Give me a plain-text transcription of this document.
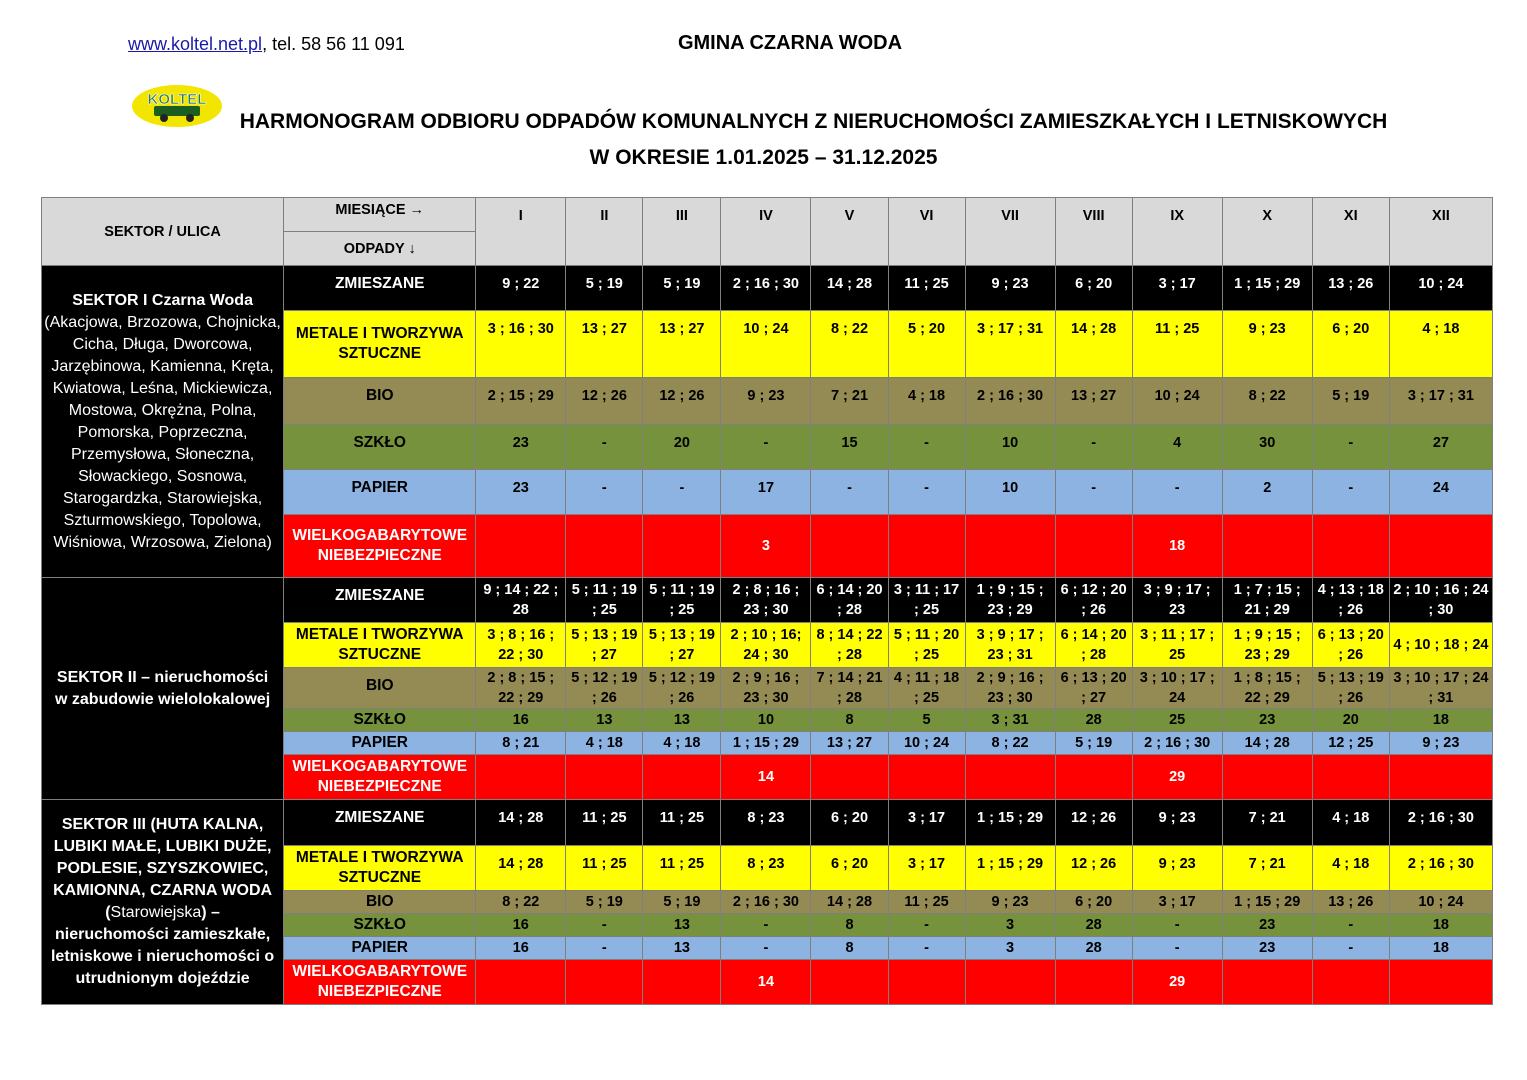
www.koltel.net.pl, tel. 58 56 11 091	GMINA CZARNA WODA
KOLTEL
HARMONOGRAM ODBIORU ODPADÓW KOMUNALNYCH Z NIERUCHOMOŚCI ZAMIESZKAŁYCH I LETNISKOWYCH
W OKRESIE 1.01.2025 – 31.12.2025
SEKTOR / ULICA	MIESIĄCE →	I	II	III	IV	V	VI	VII	VIII	IX	X	XI	XII
	ODPADY ↓												

SEKTOR I Czarna Woda
(Akacjowa, Brzozowa, Chojnicka, Cicha, Długa, Dworcowa, Jarzębinowa, Kamienna, Kręta, Kwiatowa, Leśna, Mickiewicza, Mostowa, Okrężna, Polna, Pomorska, Poprzeczna, Przemysłowa, Słoneczna, Słowackiego, Sosnowa, Starogardzka, Starowiejska, Szturmowskiego, Topolowa, Wiśniowa, Wrzosowa, Zielona)	ZMIESZANE	9 ; 22	5 ; 19	5 ; 19	2 ; 16 ; 30	14 ; 28	11 ; 25	9 ; 23	6 ; 20	3 ; 17	1 ; 15 ; 29	13 ; 26	10 ; 24
	METALE I TWORZYWA SZTUCZNE	3 ; 16 ; 30	13 ; 27	13 ; 27	10 ; 24	8 ; 22	5 ; 20	3 ; 17 ; 31	14 ; 28	11 ; 25	9 ; 23	6 ; 20	4 ; 18
	BIO	2 ; 15 ; 29	12 ; 26	12 ; 26	9 ; 23	7 ; 21	4 ; 18	2 ; 16 ; 30	13 ; 27	10 ; 24	8 ; 22	5 ; 19	3 ; 17 ; 31
	SZKŁO	23	-	20	-	15	-	10	-	4	30	-	27
	PAPIER	23	-	-	17	-	-	10	-	-	2	-	24
	WIELKOGABARYTOWE NIEBEZPIECZNE				3					18			

SEKTOR II – nieruchomości w zabudowie wielolokalowej	ZMIESZANE	9 ; 14 ; 22 ; 28	5 ; 11 ; 19 ; 25	5 ; 11 ; 19 ; 25	2 ; 8 ; 16 ; 23 ; 30	6 ; 14 ; 20 ; 28	3 ; 11 ; 17 ; 25	1 ; 9 ; 15 ; 23 ; 29	6 ; 12 ; 20 ; 26	3 ; 9 ; 17 ; 23	1 ; 7 ; 15 ; 21 ; 29	4 ; 13 ; 18 ; 26	2 ; 10 ; 16 ; 24 ; 30
	METALE I TWORZYWA SZTUCZNE	3 ; 8 ; 16 ; 22 ; 30	5 ; 13 ; 19 ; 27	5 ; 13 ; 19 ; 27	2 ; 10 ; 16; 24 ; 30	8 ; 14 ; 22 ; 28	5 ; 11 ; 20 ; 25	3 ; 9 ; 17 ; 23 ; 31	6 ; 14 ; 20 ; 28	3 ; 11 ; 17 ; 25	1 ; 9 ; 15 ; 23 ; 29	6 ; 13 ; 20 ; 26	4 ; 10 ; 18 ; 24
	BIO	2 ; 8 ; 15 ; 22 ; 29	5 ; 12 ; 19 ; 26	5 ; 12 ; 19 ; 26	2 ; 9 ; 16 ; 23 ; 30	7 ; 14 ; 21 ; 28	4 ; 11 ; 18 ; 25	2 ; 9 ; 16 ; 23 ; 30	6 ; 13 ; 20 ; 27	3 ; 10 ; 17 ; 24	1 ; 8 ; 15 ; 22 ; 29	5 ; 13 ; 19 ; 26	3 ; 10 ; 17 ; 24 ; 31
	SZKŁO	16	13	13	10	8	5	3 ; 31	28	25	23	20	18
	PAPIER	8 ; 21	4 ; 18	4 ; 18	1 ; 15 ; 29	13 ; 27	10 ; 24	8 ; 22	5 ; 19	2 ; 16 ; 30	14 ; 28	12 ; 25	9 ; 23
	WIELKOGABARYTOWE NIEBEZPIECZNE				14					29			

SEKTOR III (HUTA KALNA, LUBIKI MAŁE, LUBIKI DUŻE, PODLESIE, SZYSZKOWIEC, KAMIONNA, CZARNA WODA (Starowiejska) – nieruchomości zamieszkałe, letniskowe i nieruchomości o utrudnionym dojeździe	ZMIESZANE	14 ; 28	11 ; 25	11 ; 25	8 ; 23	6 ; 20	3 ; 17	1 ; 15 ; 29	12 ; 26	9 ; 23	7 ; 21	4 ; 18	2 ; 16 ; 30
	METALE I TWORZYWA SZTUCZNE	14 ; 28	11 ; 25	11 ; 25	8 ; 23	6 ; 20	3 ; 17	1 ; 15 ; 29	12 ; 26	9 ; 23	7 ; 21	4 ; 18	2 ; 16 ; 30
	BIO	8 ; 22	5 ; 19	5 ; 19	2 ; 16 ; 30	14 ; 28	11 ; 25	9 ; 23	6 ; 20	3 ; 17	1 ; 15 ; 29	13 ; 26	10 ; 24
	SZKŁO	16	-	13	-	8	-	3	28	-	23	-	18
	PAPIER	16	-	13	-	8	-	3	28	-	23	-	18
	WIELKOGABARYTOWE NIEBEZPIECZNE				14					29			
